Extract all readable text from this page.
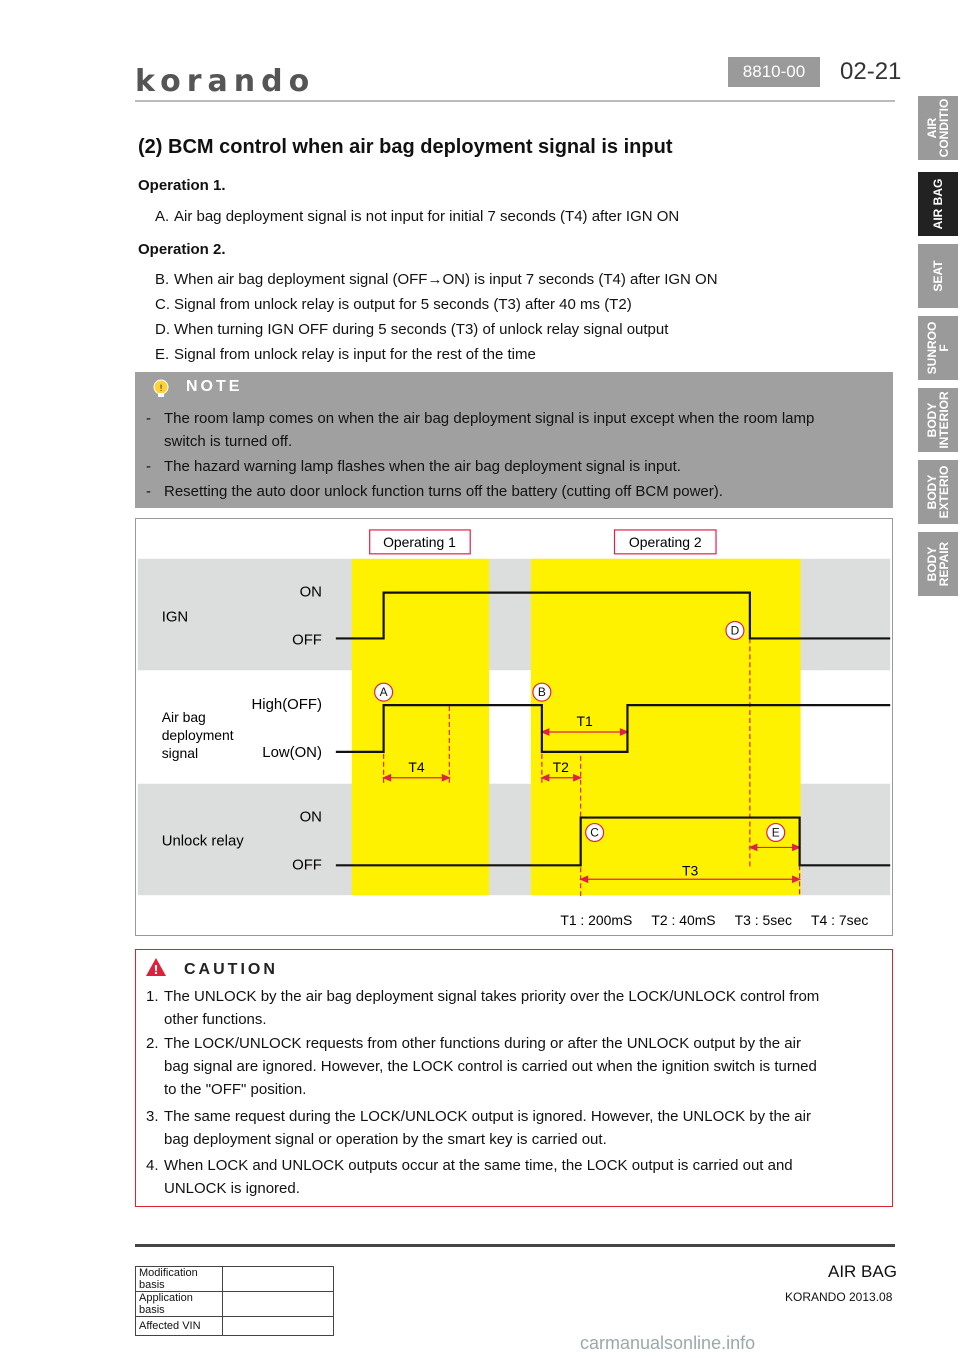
korando	8810-00	02-21
AIR
CONDITIO
AIR BAG
SEAT
SUNROO
F
BODY
INTERIOR
BODY
EXTERIO
BODY
REPAIR
(2) BCM control when air bag deployment signal is input
Operation 1.
A. Air bag deployment signal is not input for initial 7 seconds (T4) after IGN ON
Operation 2.
B. When air bag deployment signal (OFF→ON) is input 7 seconds (T4) after IGN ON
C. Signal from unlock relay is output for 5 seconds (T3) after 40 ms (T2)
D. When turning IGN OFF during 5 seconds (T3) of unlock relay signal output
E. Signal from unlock relay is input for the rest of the time
! NOTE
- The room lamp comes on when the air bag deployment signal is input except when the room lamp
switch is turned off.
- The hazard warning lamp flashes when the air bag deployment signal is input.
- Resetting the auto door unlock function turns off the battery (cutting off BCM power).
Operating 1	Operating 2
IGN
ON
OFF
Air bag
deployment
signal
High(OFF)
Low(ON)
Unlock relay
ON
OFF
T4
T1
T2
T3
A	B
C
D
E
T1 : 200mS     T2 : 40mS     T3 : 5sec     T4 : 7sec
! CAUTION
1. The UNLOCK by the air bag deployment signal takes priority over the LOCK/UNLOCK control from
other functions.
2. The LOCK/UNLOCK requests from other functions during or after the UNLOCK output by the air
bag signal are ignored. However, the LOCK control is carried out when the ignition switch is turned
to the "OFF" position.
3. The same request during the LOCK/UNLOCK output is ignored. However, the UNLOCK by the air
bag deployment signal or operation by the smart key is carried out.
4. When LOCK and UNLOCK outputs occur at the same time, the LOCK output is carried out and
UNLOCK is ignored.
Modification basis	
Application basis	
Affected VIN	
AIR BAG
KORANDO 2013.08
carmanualsonline.info
